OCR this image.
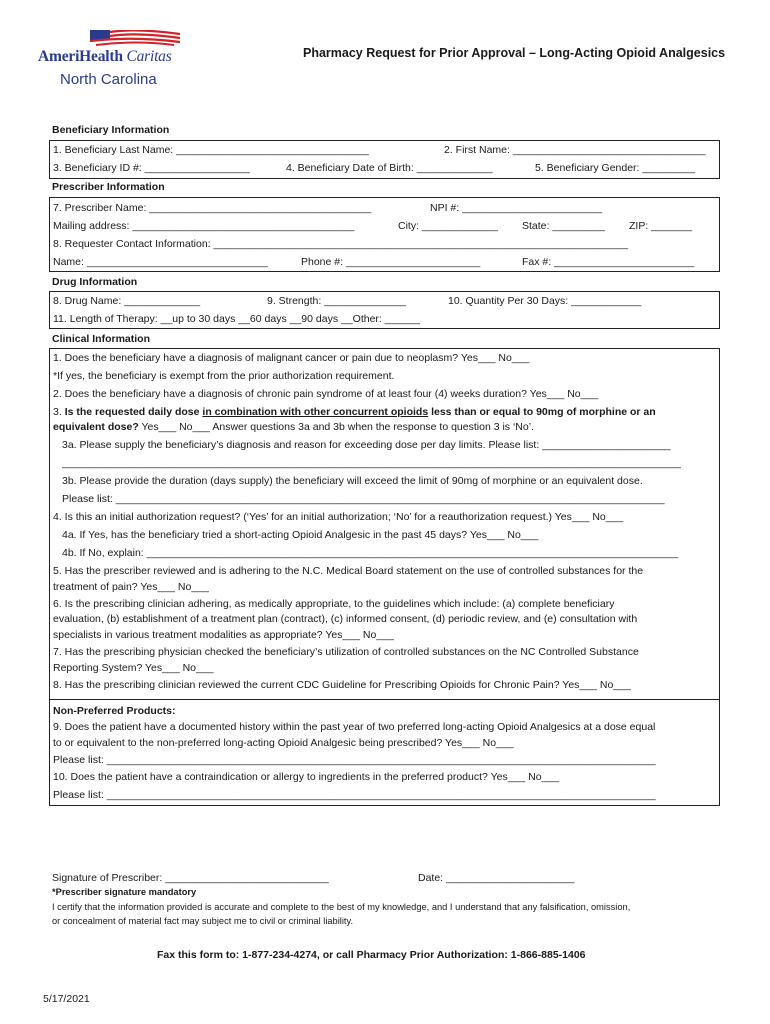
AmeriHealth Caritas
North Carolina
Pharmacy Request for Prior Approval – Long-Acting Opioid Analgesics
Beneficiary Information
1. Beneficiary Last Name: _________________________________	2. First Name: _________________________________
3. Beneficiary ID #: __________________	4. Beneficiary Date of Birth: _____________	5. Beneficiary Gender: _________
Prescriber Information
7. Prescriber Name: ______________________________________	NPI #: ________________________
Mailing address: ______________________________________	City: _____________ State: _________ ZIP: _______
8. Requester Contact Information: _______________________________________________________________________
Name: _______________________________	Phone #: _______________________	Fax #: ________________________
Drug Information
8. Drug Name: _____________	9. Strength: ______________	10. Quantity Per 30 Days: ____________
11. Length of Therapy: __up to 30 days __60 days __90 days __Other: ______
Clinical Information
1. Does the beneficiary have a diagnosis of malignant cancer or pain due to neoplasm? Yes___ No___
*If yes, the beneficiary is exempt from the prior authorization requirement.
2. Does the beneficiary have a diagnosis of chronic pain syndrome of at least four (4) weeks duration? Yes___ No___
3. Is the requested daily dose in combination with other concurrent opioids less than or equal to 90mg of morphine or an
equivalent dose? Yes___ No___ Answer questions 3a and 3b when the response to question 3 is ‘No’.
3a. Please supply the beneficiary’s diagnosis and reason for exceeding dose per day limits. Please list: ______________________
__________________________________________________________________________________________________________
3b. Please provide the duration (days supply) the beneficiary will exceed the limit of 90mg of morphine or an equivalent dose.
Please list: ______________________________________________________________________________________________
4. Is this an initial authorization request? (‘Yes’ for an initial authorization; ‘No’ for a reauthorization request.) Yes___ No___
4a. If Yes, has the beneficiary tried a short-acting Opioid Analgesic in the past 45 days? Yes___ No___
4b. If No, explain: ___________________________________________________________________________________________
5. Has the prescriber reviewed and is adhering to the N.C. Medical Board statement on the use of controlled substances for the
treatment of pain? Yes___ No___
6. Is the prescribing clinician adhering, as medically appropriate, to the guidelines which include: (a) complete beneficiary
evaluation, (b) establishment of a treatment plan (contract), (c) informed consent, (d) periodic review, and (e) consultation with
specialists in various treatment modalities as appropriate? Yes___ No___
7. Has the prescribing physician checked the beneficiary’s utilization of controlled substances on the NC Controlled Substance
Reporting System? Yes___ No___
8. Has the prescribing clinician reviewed the current CDC Guideline for Prescribing Opioids for Chronic Pain? Yes___ No___
Non-Preferred Products:
9. Does the patient have a documented history within the past year of two preferred long-acting Opioid Analgesics at a dose equal
to or equivalent to the non-preferred long-acting Opioid Analgesic being prescribed? Yes___ No___
Please list: ______________________________________________________________________________________________
10. Does the patient have a contraindication or allergy to ingredients in the preferred product? Yes___ No___
Please list: ______________________________________________________________________________________________
Signature of Prescriber: ____________________________	Date: ______________________
*Prescriber signature mandatory
I certify that the information provided is accurate and complete to the best of my knowledge, and I understand that any falsification, omission,
or concealment of material fact may subject me to civil or criminal liability.
Fax this form to: 1-877-234-4274, or call Pharmacy Prior Authorization: 1-866-885-1406
5/17/2021
